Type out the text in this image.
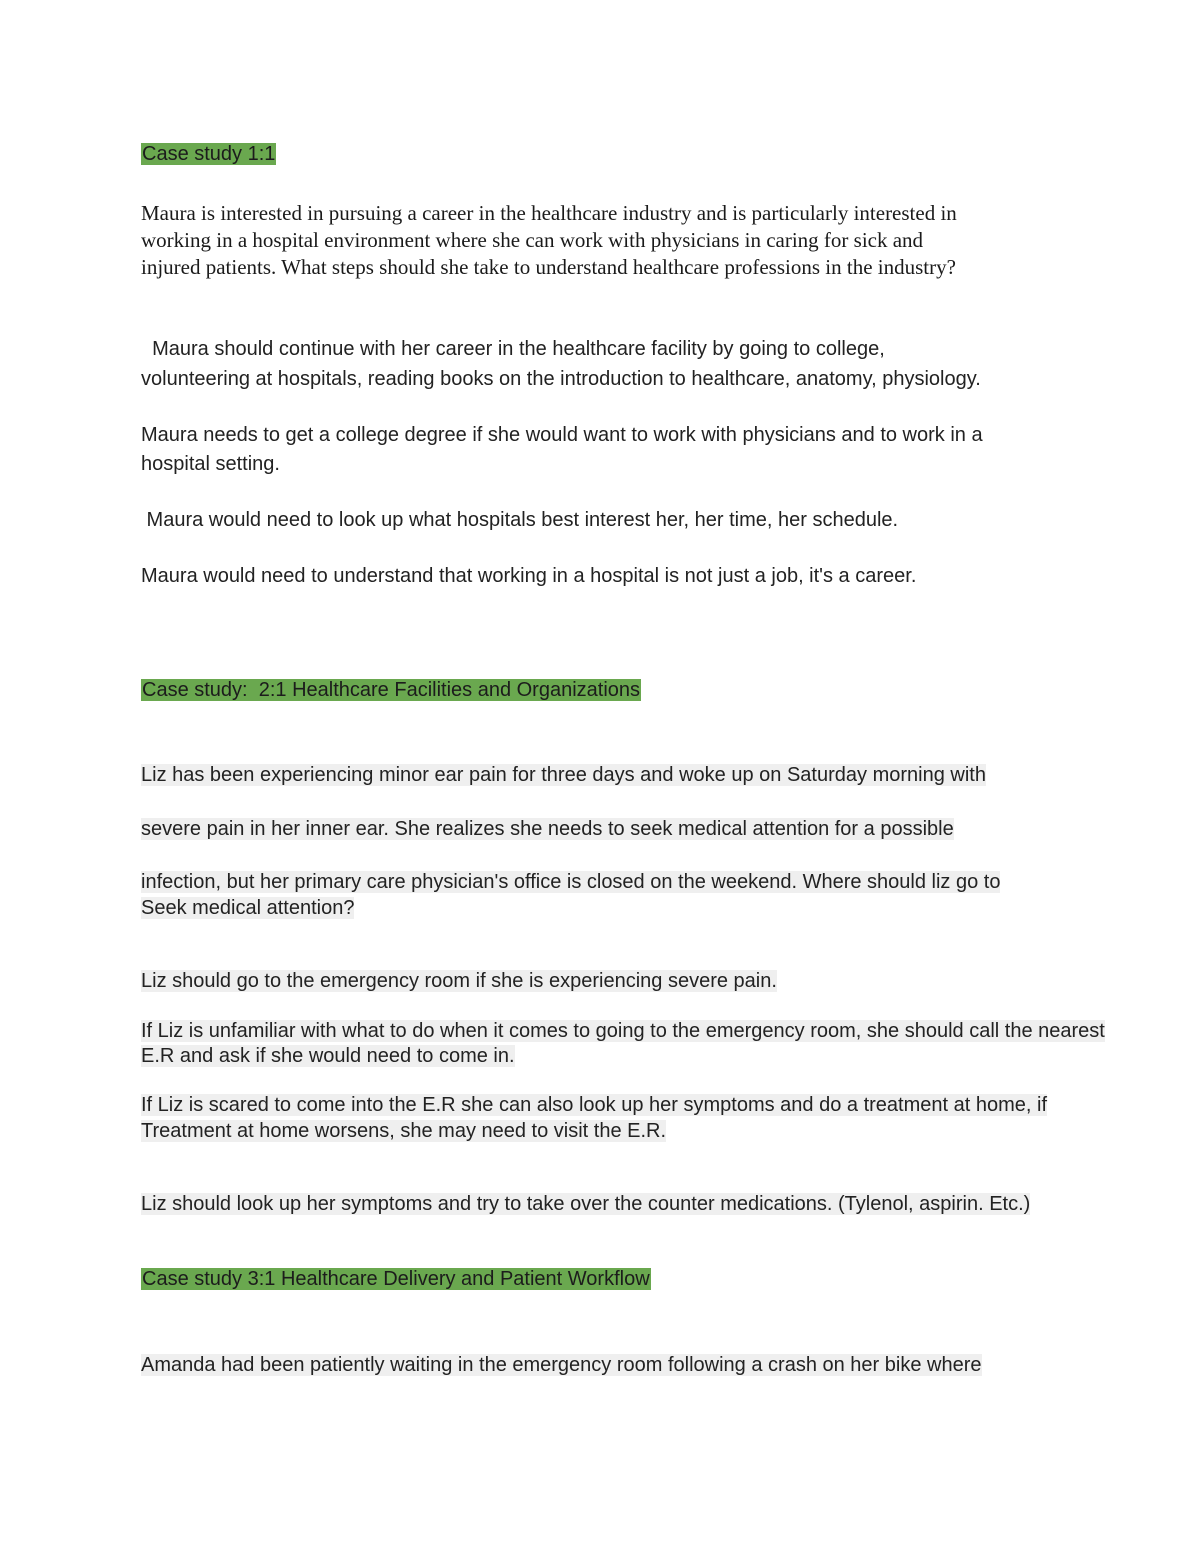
Case study 1:1

Maura is interested in pursuing a career in the healthcare industry and is particularly interested in

working in a hospital environment where she can work with physicians in caring for sick and

injured patients. What steps should she take to understand healthcare professions in the industry?

Maura should continue with her career in the healthcare facility by going to college,

volunteering at hospitals, reading books on the introduction to healthcare, anatomy, physiology.

Maura needs to get a college degree if she would want to work with physicians and to work in a

hospital setting.

Maura would need to look up what hospitals best interest her, her time, her schedule.

Maura would need to understand that working in a hospital is not just a job, it's a career.

Case study:  2:1 Healthcare Facilities and Organizations

Liz has been experiencing minor ear pain for three days and woke up on Saturday morning with

severe pain in her inner ear. She realizes she needs to seek medical attention for a possible

infection, but her primary care physician's office is closed on the weekend. Where should liz go to

Seek medical attention?

Liz should go to the emergency room if she is experiencing severe pain.

If Liz is unfamiliar with what to do when it comes to going to the emergency room, she should call the nearest

E.R and ask if she would need to come in.

If Liz is scared to come into the E.R she can also look up her symptoms and do a treatment at home, if

Treatment at home worsens, she may need to visit the E.R.

Liz should look up her symptoms and try to take over the counter medications. (Tylenol, aspirin. Etc.)

Case study 3:1 Healthcare Delivery and Patient Workflow

Amanda had been patiently waiting in the emergency room following a crash on her bike where
